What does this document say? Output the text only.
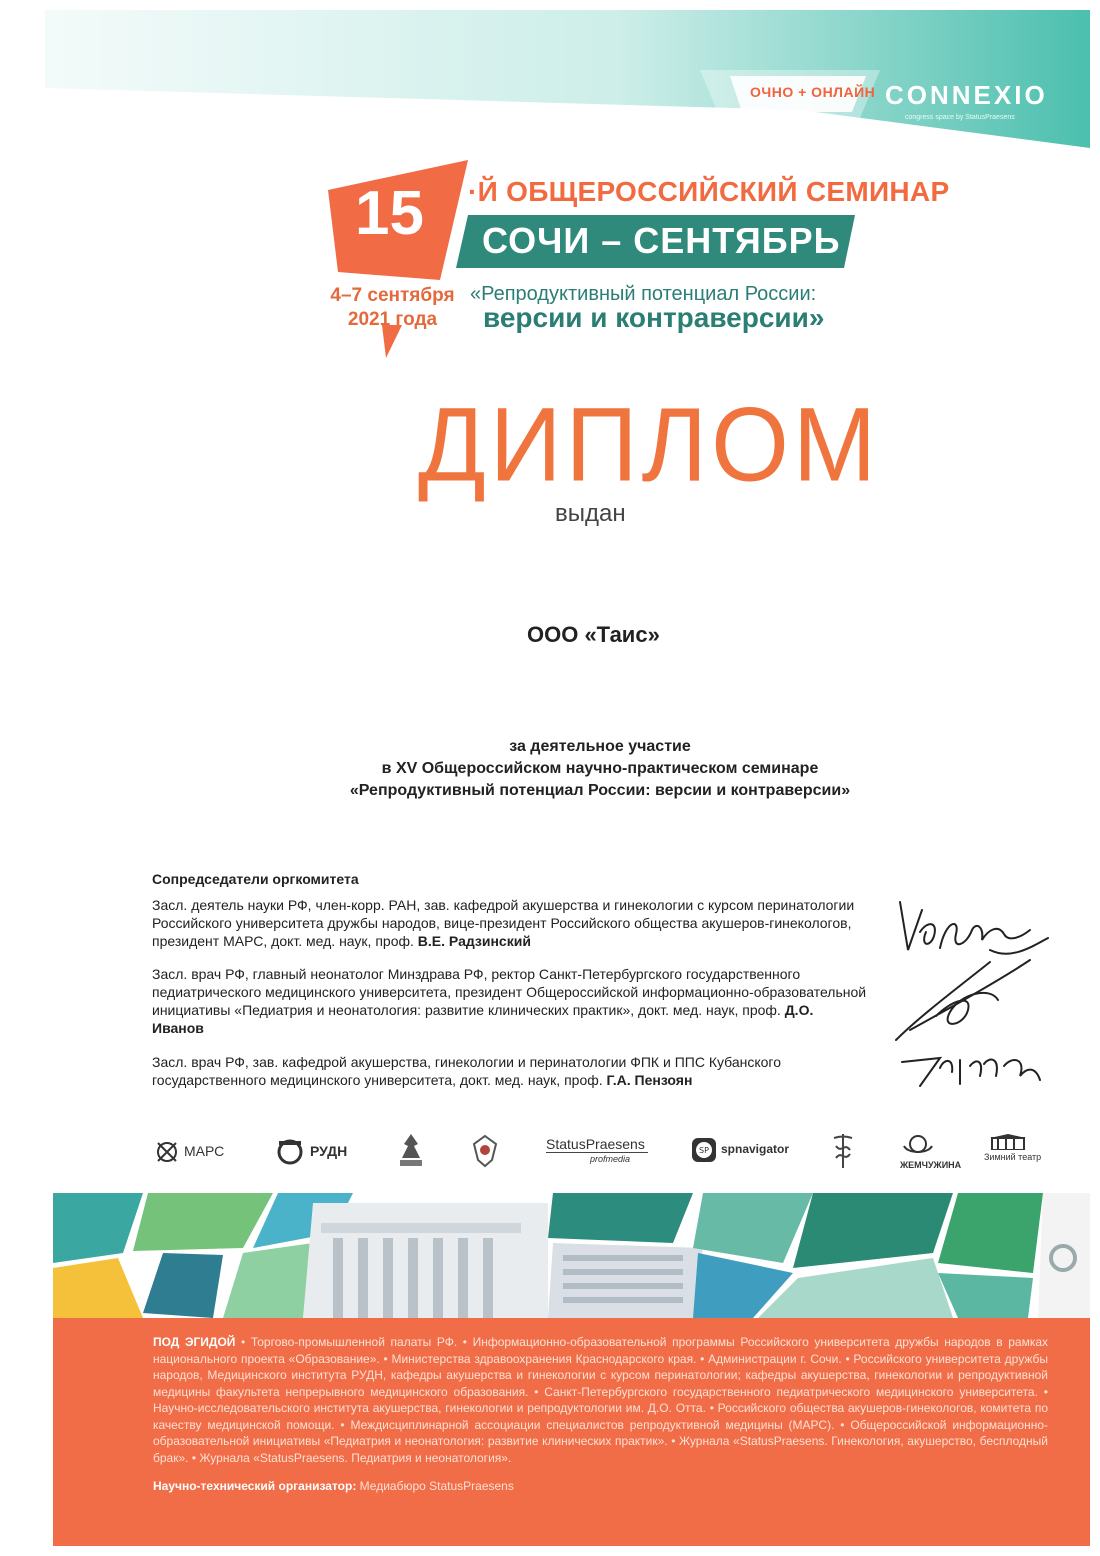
ОЧНО + ОНЛАЙН CONNEXIO
congress space by StatusPraesens
15 ·Й ОБЩЕРОССИЙСКИЙ СЕМИНАР
СОЧИ – СЕНТЯБРЬ
4–7 сентября
2021 года
«Репродуктивный потенциал России:
версии и контраверсии»
ДИПЛОМ
выдан
ООО «Таис»
за деятельное участие
в XV Общероссийском научно-практическом семинаре
«Репродуктивный потенциал России: версии и контраверсии»
Сопредседатели оргкомитета
Засл. деятель науки РФ, член-корр. РАН, зав. кафедрой акушерства и гинекологии с курсом перинатологии Российского университета дружбы народов, вице-президент Российского общества акушеров-гинекологов, президент МАРС, докт. мед. наук, проф. В.Е. Радзинский
Засл. врач РФ, главный неонатолог Минздрава РФ, ректор Санкт-Петербургского государственного педиатрического медицинского университета, президент Общероссийской информационно-образовательной инициативы «Педиатрия и неонатология: развитие клинических практик», докт. мед. наук, проф. Д.О. Иванов
Засл. врач РФ, зав. кафедрой акушерства, гинекологии и перинатологии ФПК и ППС Кубанского государственного медицинского университета, докт. мед. наук, проф. Г.А. Пензоян
МАРС	РУДН	StatusPraesens
profmedia
SP spnavigator
ЖЕМЧУЖИНА
Зимний театр
ПОД ЭГИДОЙ • Торгово-промышленной палаты РФ. • Информационно-образовательной программы Российского университета дружбы народов в рамках национального проекта «Образование». • Министерства здравоохранения Краснодарского края. • Администрации г. Сочи. • Российского университета дружбы народов, Медицинского института РУДН, кафедры акушерства и гинекологии с курсом перинатологии; кафедры акушерства, гинекологии и репродуктивной медицины факультета непрерывного медицинского образования. • Санкт-Петербургского государственного педиатрического медицинского университета. • Научно-исследовательского института акушерства, гинекологии и репродуктологии им. Д.О. Отта. • Российского общества акушеров-гинекологов, комитета по качеству медицинской помощи. • Междисциплинарной ассоциации специалистов репродуктивной медицины (МАРС). • Общероссийской информационно-образовательной инициативы «Педиатрия и неонатология: развитие клинических практик». • Журнала «StatusPraesens. Гинекология, акушерство, бесплодный брак». • Журнала «StatusPraesens. Педиатрия и неонатология».
Научно-технический организатор: Медиабюро StatusPraesens
